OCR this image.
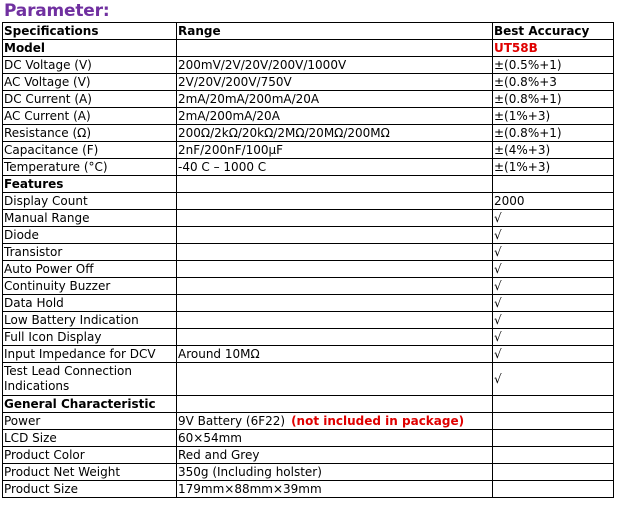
Parameter:
Specifications	Range	Best Accuracy
Model		UT58B
DC Voltage (V)	200mV/2V/20V/200V/1000V	±(0.5%+1)
AC Voltage (V)	2V/20V/200V/750V	±(0.8%+3
DC Current (A)	2mA/20mA/200mA/20A	±(0.8%+1)
AC Current (A)	2mA/200mA/20A	±(1%+3)
Resistance (Ω)	200Ω/2kΩ/20kΩ/2MΩ/20MΩ/200MΩ	±(0.8%+1)
Capacitance (F)	2nF/200nF/100μF	±(4%+3)
Temperature (°C)	-40 C – 1000 C	±(1%+3)
Features		
Display Count		2000
Manual Range		√
Diode		√
Transistor		√
Auto Power Off		√
Continuity Buzzer		√
Data Hold		√
Low Battery Indication		√
Full Icon Display		√
Input Impedance for DCV	Around 10MΩ	√
Test Lead Connection Indications		√
General Characteristic		
Power	9V Battery (6F22) (not included in package)	
LCD Size	60×54mm	
Product Color	Red and Grey	
Product Net Weight	350g (Including holster)	
Product Size	179mm×88mm×39mm	
